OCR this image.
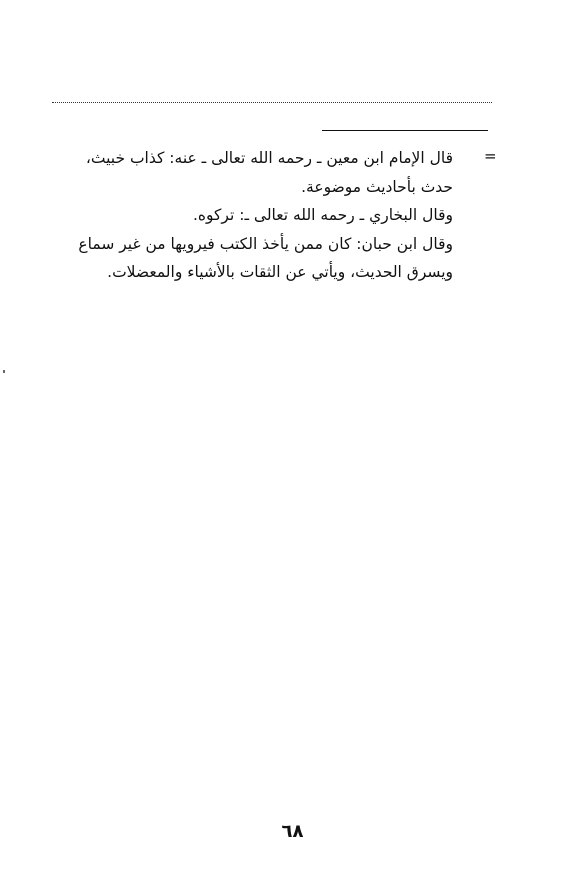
=
قال الإمام ابن معين ـ رحمه الله تعالى ـ عنه: كذاب خبيث،
حدث بأحاديث موضوعة.
وقال البخاري ـ رحمه الله تعالى ـ: تركوه.
وقال ابن حبان: كان ممن يأخذ الكتب فيرويها من غير سماع
ويسرق الحديث، ويأتي عن الثقات بالأشياء والمعضلات.
٦٨
